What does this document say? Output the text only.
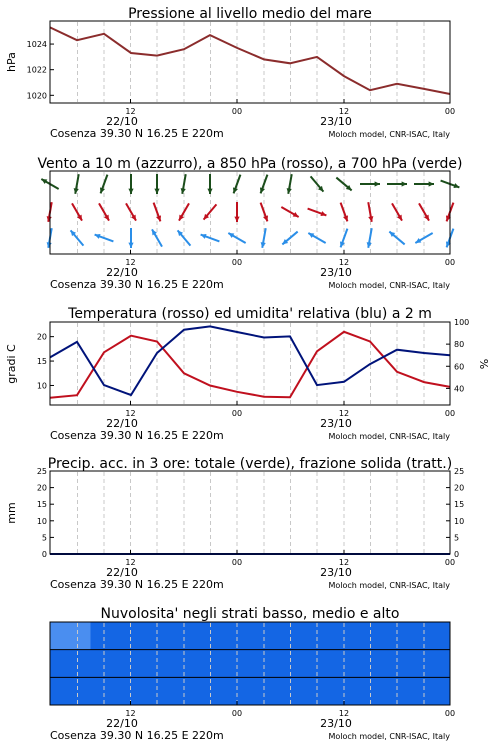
Pressione al livello medio del mare
hPa
1020
1022
1024
12	00	12	00
22/10	23/10
Cosenza 39.30 N 16.25 E 220m	Moloch model, CNR-ISAC, Italy
Vento a 10 m (azzurro), a 850 hPa (rosso), a 700 hPa (verde)
12	00	12	00
22/10	23/10
Cosenza 39.30 N 16.25 E 220m	Moloch model, CNR-ISAC, Italy
Temperatura (rosso) ed umidita' relativa (blu) a 2 m
gradi C	%
10
15
20
40
60
80
100
12	00	12	00
22/10	23/10
Cosenza 39.30 N 16.25 E 220m	Moloch model, CNR-ISAC, Italy
Precip. acc. in 3 ore: totale (verde), frazione solida (tratt.)
mm
0	0
5	5
10	10
15	15
20	20
25	25
12	00	12	00
22/10	23/10
Cosenza 39.30 N 16.25 E 220m	Moloch model, CNR-ISAC, Italy
Nuvolosita' negli strati basso, medio e alto
12	00	12	00
22/10	23/10
Cosenza 39.30 N 16.25 E 220m	Moloch model, CNR-ISAC, Italy
